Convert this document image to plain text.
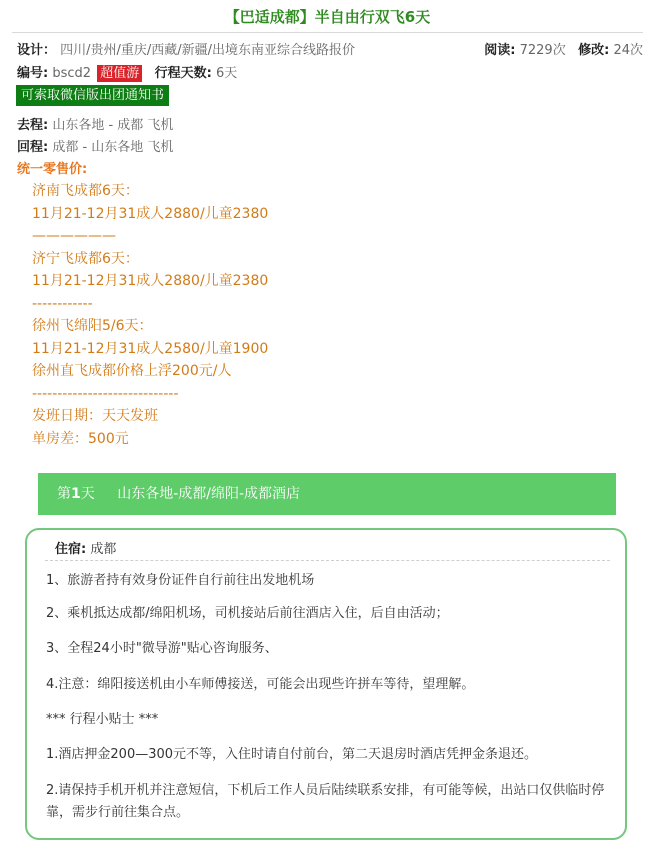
【巴适成都】半自由行双飞6天
设计： 四川/贵州/重庆/西藏/新疆/出境东南亚综合线路报价	阅读: 7229次 修改: 24次
编号: bscd2 超值游 行程天数: 6天
可索取微信版出团通知书
去程: 山东各地 - 成都 飞机
回程: 成都 - 山东各地 飞机
统一零售价:
济南飞成都6天：
11月21-12月31成人2880/儿童2380
——————
济宁飞成都6天：
11月21-12月31成人2880/儿童2380
------------
徐州飞绵阳5/6天：
11月21-12月31成人2580/儿童1900
徐州直飞成都价格上浮200元/人
-----------------------------
发班日期：天天发班
单房差：500元
第1天 山东各地-成都/绵阳-成都酒店
住宿: 成都
1、旅游者持有效身份证件自行前往出发地机场
2、乘机抵达成都/绵阳机场，司机接站后前往酒店入住，后自由活动；
3、全程24小时"微导游"贴心咨询服务、
4.注意：绵阳接送机由小车师傅接送，可能会出现些许拼车等待，望理解。
*** 行程小贴士 ***
1.酒店押金200—300元不等，入住时请自付前台，第二天退房时酒店凭押金条退还。
2.请保持手机开机并注意短信，下机后工作人员后陆续联系安排，有可能等候，出站口仅供临时停靠，需步行前往集合点。
